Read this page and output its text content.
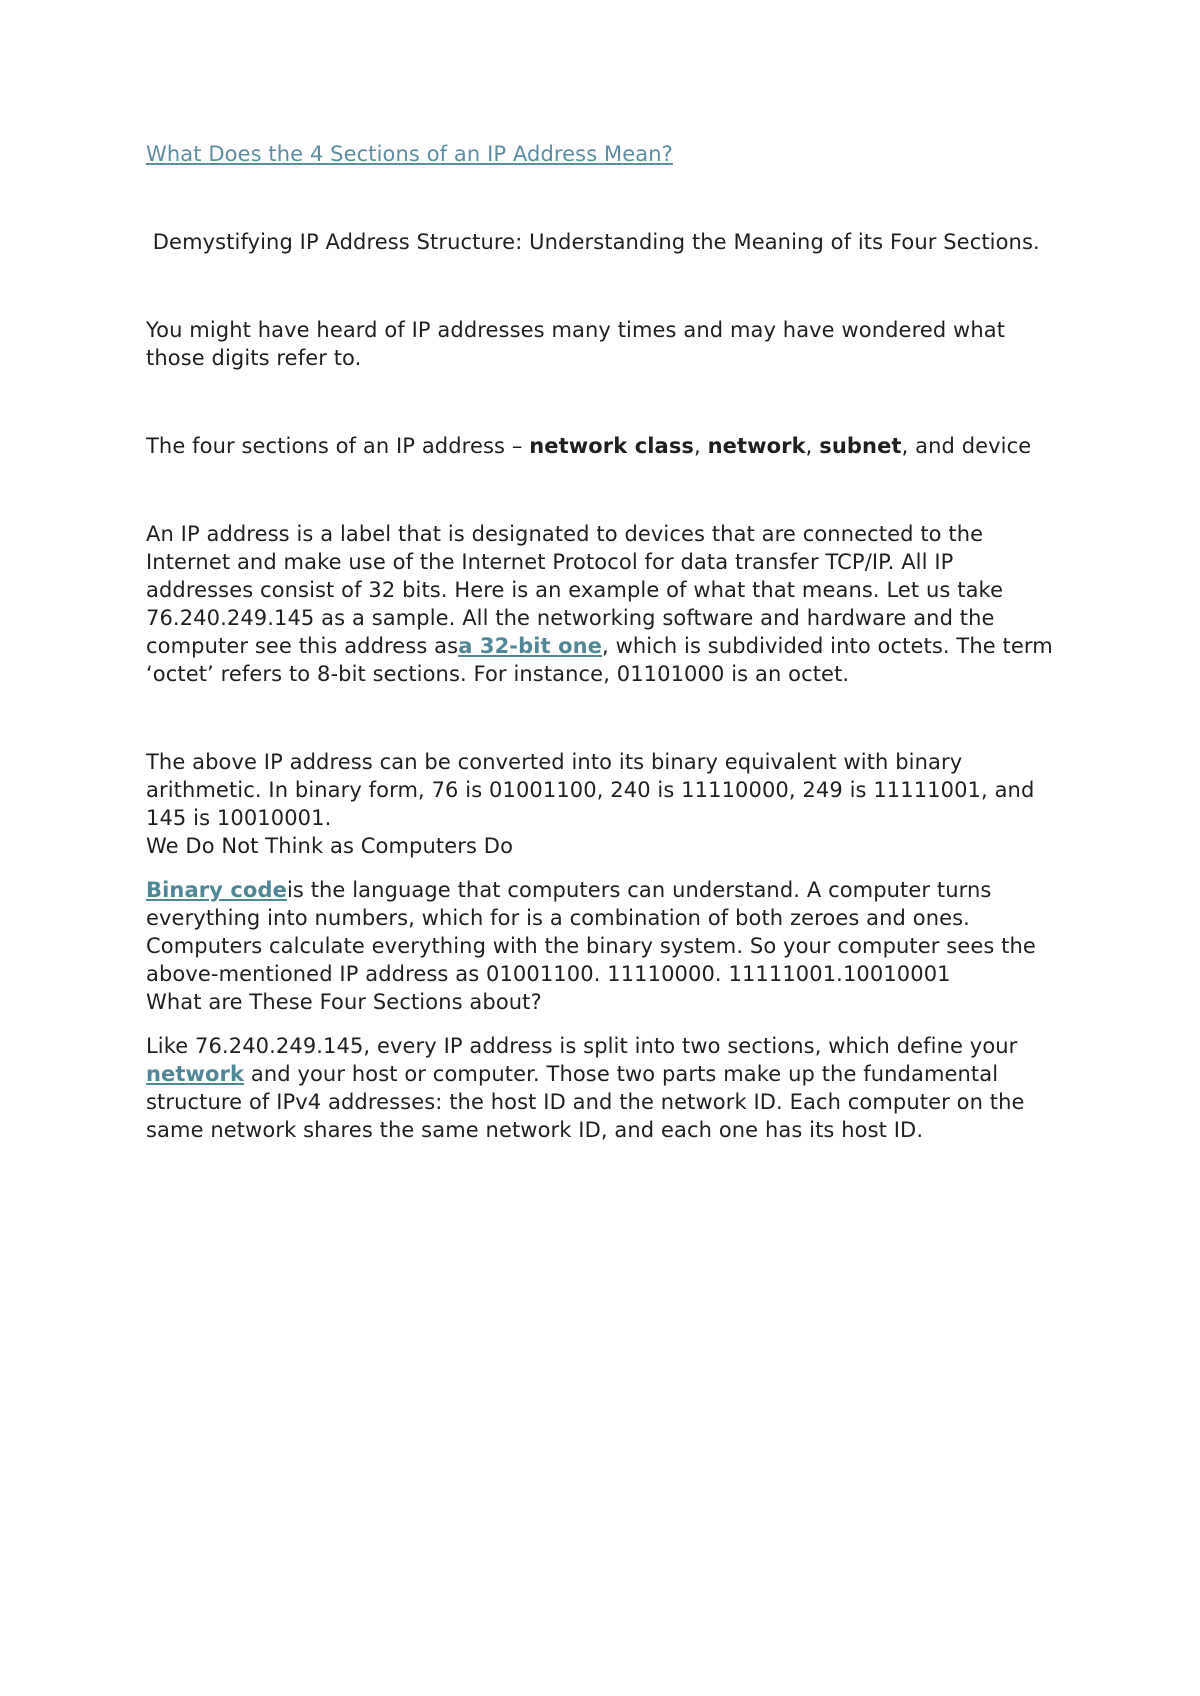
What Does the 4 Sections of an IP Address Mean?

Demystifying IP Address Structure: Understanding the Meaning of its Four Sections.

You might have heard of IP addresses many times and may have wondered what those digits refer to.

The four sections of an IP address – network class, network, subnet, and device

An IP address is a label that is designated to devices that are connected to the Internet and make use of the Internet Protocol for data transfer TCP/IP. All IP addresses consist of 32 bits. Here is an example of what that means. Let us take 76.240.249.145 as a sample. All the networking software and hardware and the computer see this address asa 32-bit one, which is subdivided into octets. The term ‘octet’ refers to 8-bit sections. For instance, 01101000 is an octet.

The above IP address can be converted into its binary equivalent with binary arithmetic. In binary form, 76 is 01001100, 240 is 11110000, 249 is 11111001, and 145 is 10010001.

We Do Not Think as Computers Do

Binary codeis the language that computers can understand. A computer turns everything into numbers, which for is a combination of both zeroes and ones. Computers calculate everything with the binary system. So your computer sees the above-mentioned IP address as 01001100. 11110000. 11111001.10010001

What are These Four Sections about?

Like 76.240.249.145, every IP address is split into two sections, which define your network and your host or computer. Those two parts make up the fundamental structure of IPv4 addresses: the host ID and the network ID. Each computer on the same network shares the same network ID, and each one has its host ID.
